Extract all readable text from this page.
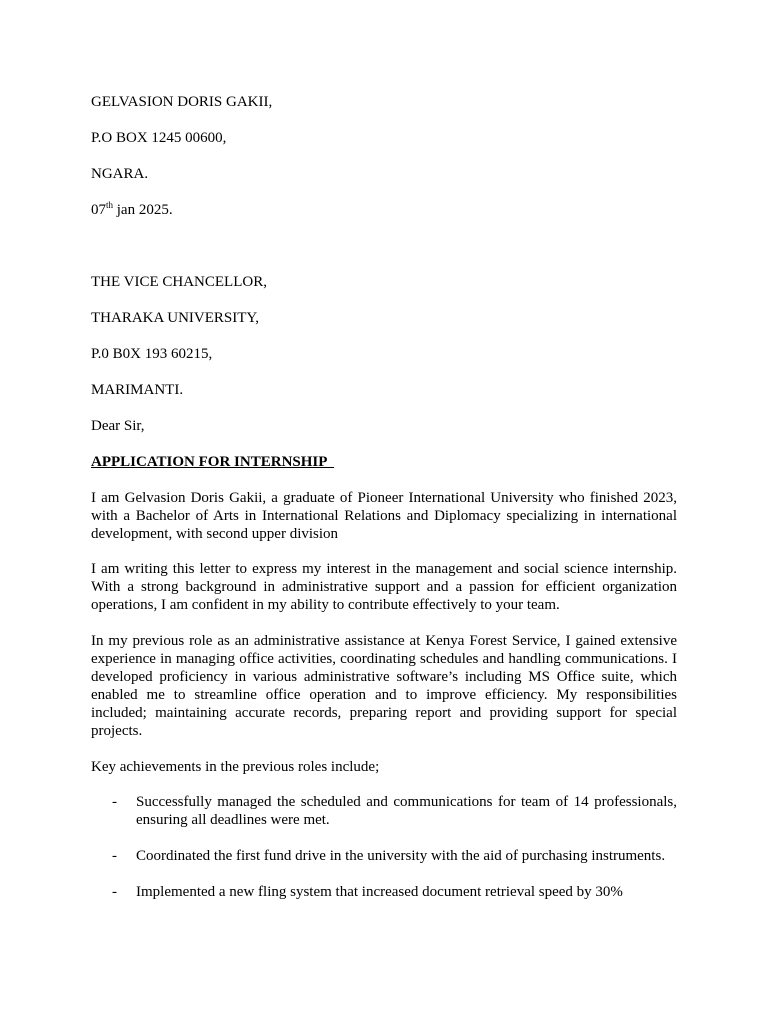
GELVASION DORIS GAKII,

P.O BOX 1245 00600,

NGARA.

07th jan 2025.

THE VICE CHANCELLOR,

THARAKA UNIVERSITY,

P.0 B0X 193 60215,

MARIMANTI.

Dear Sir,

APPLICATION FOR INTERNSHIP

I am Gelvasion Doris Gakii, a graduate of Pioneer International University who finished 2023, with a Bachelor of Arts in International Relations and Diplomacy specializing in international development, with second upper division

I am writing this letter to express my interest in the management and social science internship. With a strong background in administrative support and a passion for efficient organization operations, I am confident in my ability to contribute effectively to your team.

In my previous role as an administrative assistance at Kenya Forest Service, I gained extensive experience in managing office activities, coordinating schedules and handling communications. I developed proficiency in various administrative software’s including MS Office suite, which enabled me to streamline office operation and to improve efficiency. My responsibilities included; maintaining accurate records, preparing report and providing support for special projects.

Key achievements in the previous roles include;

- Successfully managed the scheduled and communications for team of 14 professionals, ensuring all deadlines were met.

- Coordinated the first fund drive in the university with the aid of purchasing instruments.

- Implemented a new fling system that increased document retrieval speed by 30%
